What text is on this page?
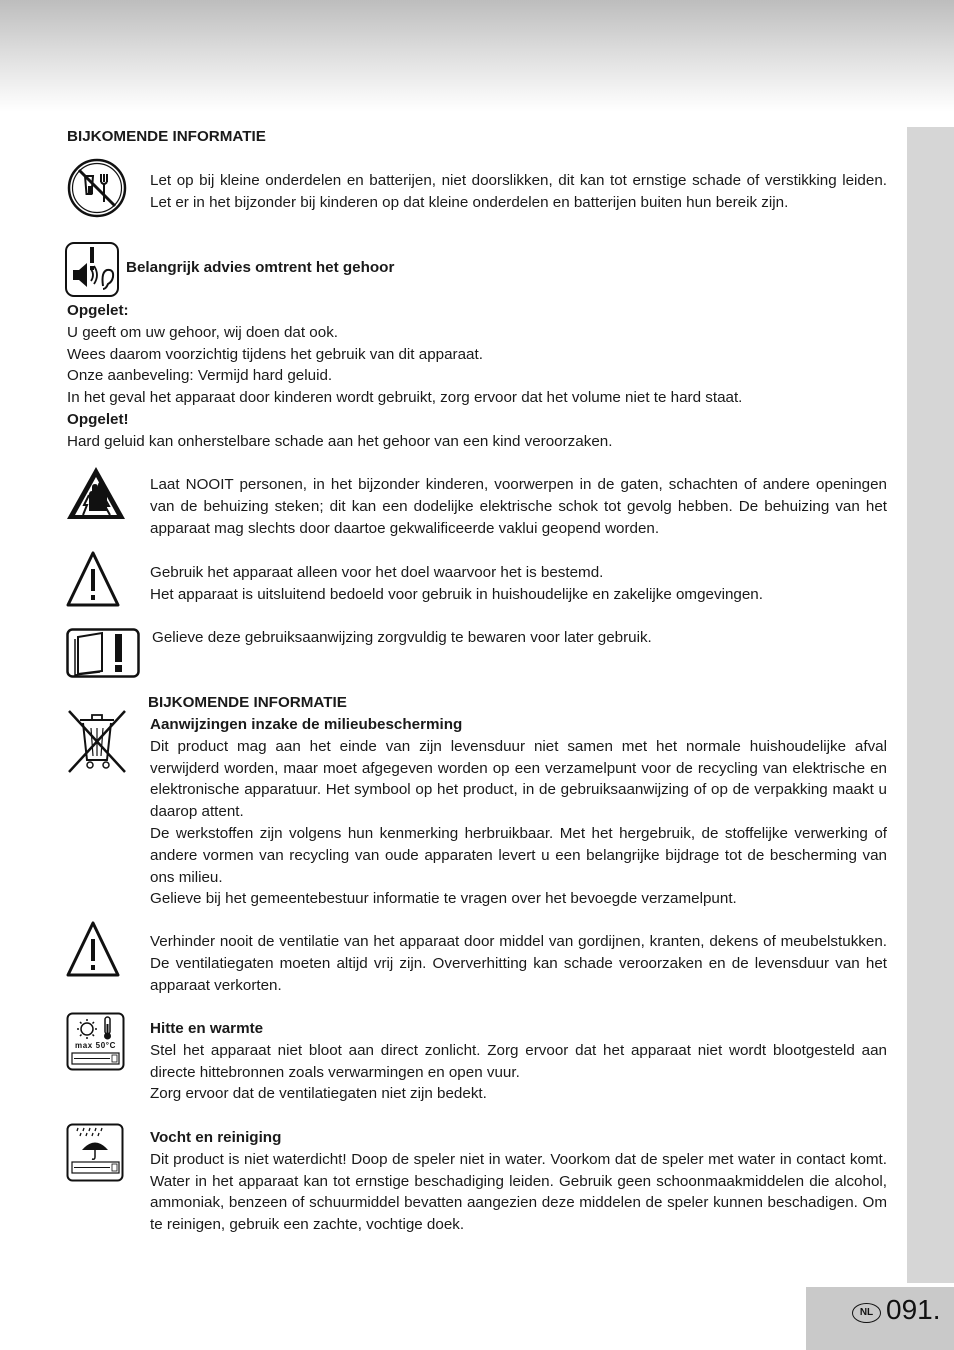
BIJKOMENDE INFORMATIE

Let op bij kleine onderdelen en batterijen, niet doorslikken, dit kan tot ernstige schade of verstikking leiden. Let er in het bijzonder bij kinderen op dat kleine onderdelen en batterijen buiten hun bereik zijn.

Belangrijk advies omtrent het gehoor

Opgelet:

U geeft om uw gehoor, wij doen dat ook.

Wees daarom voorzichtig tijdens het gebruik van dit apparaat.

Onze aanbeveling: Vermijd hard geluid.

In het geval het apparaat door kinderen wordt gebruikt, zorg ervoor dat het volume niet te hard staat.

Opgelet!

Hard geluid kan onherstelbare schade aan het gehoor van een kind veroorzaken.

Laat NOOIT personen, in het bijzonder kinderen, voorwerpen in de gaten, schachten of andere openingen van de behuizing steken; dit kan een dodelijke elektrische schok tot gevolg hebben. De behuizing van het apparaat mag slechts door daartoe gekwalificeerde vaklui geopend worden.

Gebruik het apparaat alleen voor het doel waarvoor het is bestemd.

Het apparaat is uitsluitend bedoeld voor gebruik in huishoudelijke en zakelijke omgevingen.

Gelieve deze gebruiksaanwijzing zorgvuldig te bewaren voor later gebruik.

BIJKOMENDE INFORMATIE

Aanwijzingen inzake de milieubescherming

Dit product mag aan het einde van zijn levensduur niet samen met het normale huishoudelijke afval verwijderd worden, maar moet afgegeven worden op een verzamelpunt voor de recycling van elektrische en elektronische apparatuur. Het symbool op het product, in de gebruiksaanwijzing of op de verpakking maakt u daarop attent.

De werkstoffen zijn volgens hun kenmerking herbruikbaar. Met het hergebruik, de stoffelijke verwerking of andere vormen van recycling van oude apparaten levert u een belangrijke bijdrage tot de bescherming van ons milieu.

Gelieve bij het gemeentebestuur informatie te vragen over het bevoegde verzamelpunt.

Verhinder nooit de ventilatie van het apparaat door middel van gordijnen, kranten, dekens of meubelstukken. De ventilatiegaten moeten altijd vrij zijn. Oververhitting kan schade veroorzaken en de levensduur van het apparaat verkorten.

max 50°C

Hitte en warmte

Stel het apparaat niet bloot aan direct zonlicht. Zorg ervoor dat het apparaat niet wordt blootgesteld aan directe hittebronnen zoals verwarmingen en open vuur.

Zorg ervoor dat de ventilatiegaten niet zijn bedekt.

Vocht en reiniging

Dit product is niet waterdicht! Doop de speler niet in water. Voorkom dat de speler met water in contact komt. Water in het apparaat kan tot ernstige beschadiging leiden. Gebruik geen schoonmaakmiddelen die alcohol, ammoniak, benzeen of schuurmiddel bevatten aangezien deze middelen de speler kunnen beschadigen. Om te reinigen, gebruik een zachte, vochtige doek.

NL 091.
